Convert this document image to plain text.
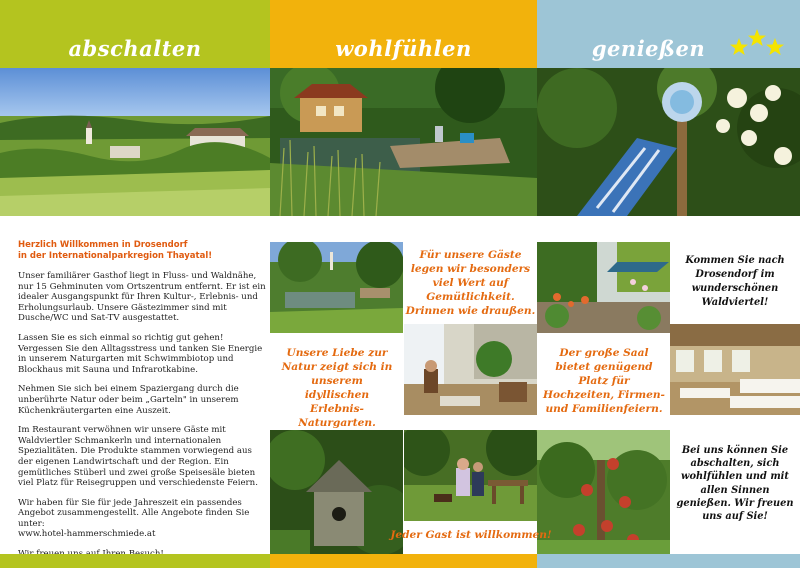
abschalten	wohlfühlen	genießen
Herzlich Willkommen in Drosendorf
in der Internationalparkregion Thayatal!

Unser familiärer Gasthof liegt in Fluss- und Waldnähe, nur 15 Gehminuten vom Ortszentrum entfernt. Er ist ein idealer Ausgangspunkt für Ihren Kultur-, Erlebnis- und Erholungsurlaub. Unsere Gästezimmer sind mit Dusche/WC und Sat-TV ausgestattet.

Lassen Sie es sich einmal so richtig gut gehen! Vergessen Sie den Alltagsstress und tanken Sie Energie in unserem Naturgarten mit Schwimmbiotop und Blockhaus mit Sauna und Infrarotkabine.

Nehmen Sie sich bei einem Spaziergang durch die unberührte Natur oder beim „Garteln" in unserem Küchenkräutergarten eine Auszeit.

Im Restaurant verwöhnen wir unsere Gäste mit Waldviertler Schmankerln und internationalen Spezialitäten. Die Produkte stammen vorwiegend aus der eigenen Landwirtschaft und der Region. Ein gemütliches Stüberl und zwei große Speisesäle bieten viel Platz für Reisegruppen und verschiedenste Feiern.

Wir haben für Sie für jede Jahreszeit ein passendes Angebot zusammengestellt. Alle Angebote finden Sie unter:
www.hotel-hammerschmiede.at

Für unsere Gäste legen wir besonders viel Wert auf Gemütlichkeit. Drinnen wie draußen.
Unsere Liebe zur Natur zeigt sich in unserem idyllischen Erlebnis-Naturgarten.
Der große Saal bietet genügend Platz für Hochzeiten, Firmen- und Familienfeiern.
Kommen Sie nach Drosendorf im wunderschönen Waldviertel!
Jeder Gast ist willkommen!
Bei uns können Sie abschalten, sich wohlfühlen und mit allen Sinnen genießen. Wir freuen uns auf Sie!
